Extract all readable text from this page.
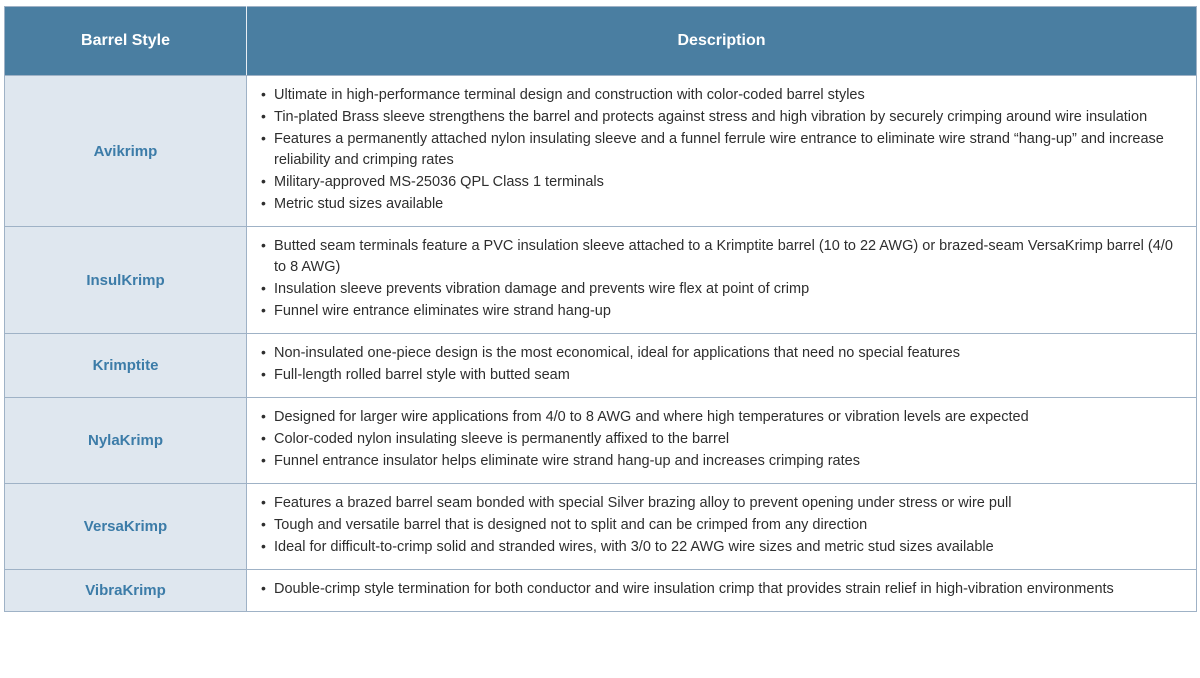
Barrel Style	Description
Avikrimp	
• Ultimate in high-performance terminal design and construction with color-coded barrel styles
• Tin-plated Brass sleeve strengthens the barrel and protects against stress and high vibration by securely crimping around wire insulation
• Features a permanently attached nylon insulating sleeve and a funnel ferrule wire entrance to eliminate wire strand “hang-up” and increase reliability and crimping rates
• Military-approved MS-25036 QPL Class 1 terminals
• Metric stud sizes available

InsulKrimp	
• Butted seam terminals feature a PVC insulation sleeve attached to a Krimptite barrel (10 to 22 AWG) or brazed-seam VersaKrimp barrel (4/0 to 8 AWG)
• Insulation sleeve prevents vibration damage and prevents wire flex at point of crimp
• Funnel wire entrance eliminates wire strand hang-up

Krimptite	
• Non-insulated one-piece design is the most economical, ideal for applications that need no special features
• Full-length rolled barrel style with butted seam

NylaKrimp	
• Designed for larger wire applications from 4/0 to 8 AWG and where high temperatures or vibration levels are expected
• Color-coded nylon insulating sleeve is permanently affixed to the barrel
• Funnel entrance insulator helps eliminate wire strand hang-up and increases crimping rates

VersaKrimp	
• Features a brazed barrel seam bonded with special Silver brazing alloy to prevent opening under stress or wire pull
• Tough and versatile barrel that is designed not to split and can be crimped from any direction
• Ideal for difficult-to-crimp solid and stranded wires, with 3/0 to 22 AWG wire sizes and metric stud sizes available

VibraKrimp	
•Double-crimp style termination for both conductor and wire insulation crimp that provides strain relief in high-vibration environments
